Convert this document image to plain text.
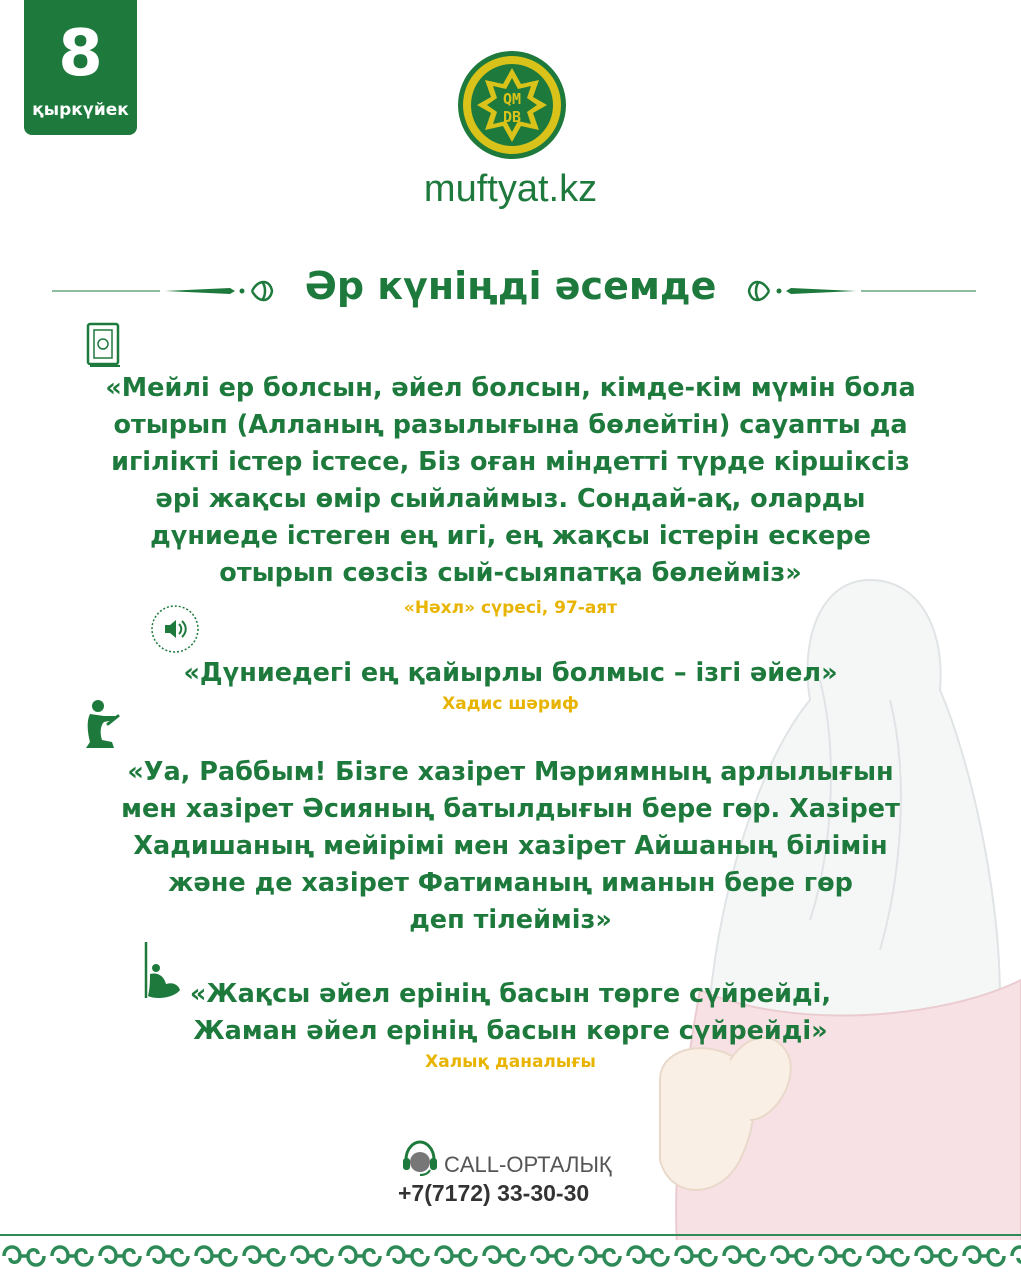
8
қыркүйек
QM
DB
muftyat.kz
Әр күніңді әсемде
«Мейлі ер болсын, әйел болсын, кімде-кім мүмін бола
отырып (Алланың разылығына бөлейтін) сауапты да
игілікті істер істесе, Біз оған міндетті түрде кіршіксіз
әрі жақсы өмір сыйлаймыз. Сондай-ақ, оларды
дүниеде істеген ең игі, ең жақсы істерін ескере
отырып сөзсіз сый-сыяпатқа бөлейміз»
«Нәхл» сүресі, 97-аят
«Дүниедегі ең қайырлы болмыс – ізгі әйел»
Хадис шәриф
«Уа, Раббым! Бізге хазірет Мәриямның арлылығын
мен хазірет Әсияның батылдығын бере гөр. Хазірет
Хадишаның мейірімі мен хазірет Айшаның білімін
және де хазірет Фатиманың иманын бере гөр
деп тілейміз»
«Жақсы әйел ерінің басын төрге сүйрейді,
Жаман әйел ерінің басын көрге сүйрейді»
Халық даналығы
CALL-ОРТАЛЫҚ
+7(7172) 33-30-30
